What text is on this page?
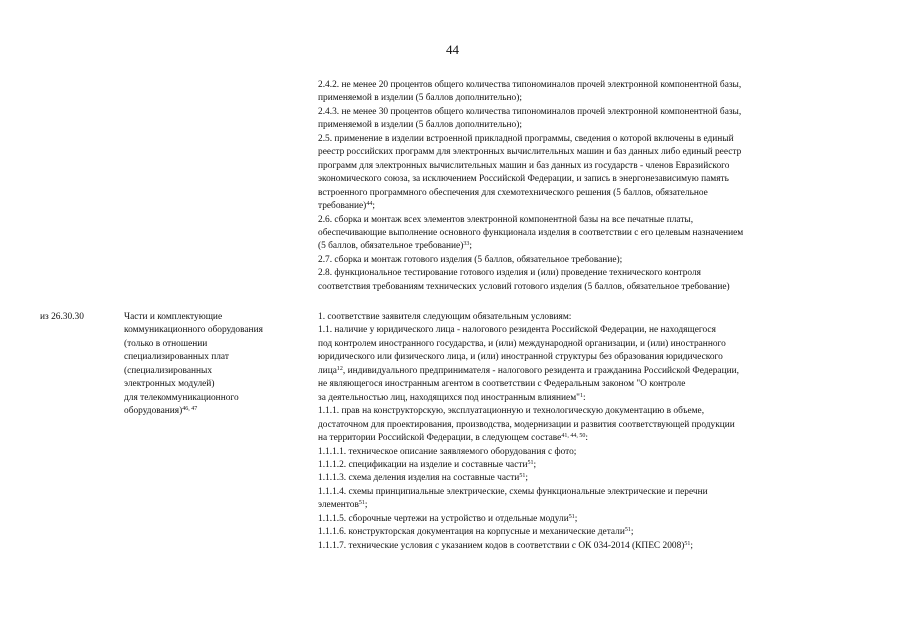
44
2.4.2. не менее 20 процентов общего количества типономиналов прочей электронной компонентной базы,
применяемой в изделии (5 баллов дополнительно);
2.4.3. не менее 30 процентов общего количества типономиналов прочей электронной компонентной базы,
применяемой в изделии (5 баллов дополнительно);
2.5. применение в изделии встроенной прикладной программы, сведения о которой включены в единый
реестр российских программ для электронных вычислительных машин и баз данных либо единый реестр
программ для электронных вычислительных машин и баз данных из государств - членов Евразийского
экономического союза, за исключением Российской Федерации, и запись в энергонезависимую память
встроенного программного обеспечения для схемотехнического решения (5 баллов, обязательное
требование)$^{44}$;
2.6. сборка и монтаж всех элементов электронной компонентной базы на все печатные платы,
обеспечивающие выполнение основного функционала изделия в соответствии с его целевым назначением
(5 баллов, обязательное требование)$^{33}$;
2.7. сборка и монтаж готового изделия (5 баллов, обязательное требование);
2.8. функциональное тестирование готового изделия и (или) проведение технического контроля
соответствия требованиям технических условий готового изделия (5 баллов, обязательное требование)
из 26.30.30	Части и комплектующие
коммуникационного оборудования
(только в отношении
специализированных плат
(специализированных
электронных модулей)
для телекоммуникационного
оборудования)$^{46, 47}$
1. соответствие заявителя следующим обязательным условиям:
1.1. наличие у юридического лица - налогового резидента Российской Федерации, не находящегося
под контролем иностранного государства, и (или) международной организации, и (или) иностранного
юридического или физического лица, и (или) иностранной структуры без образования юридического
лица$^{12}$, индивидуального предпринимателя - налогового резидента и гражданина Российской Федерации,
не являющегося иностранным агентом в соответствии с Федеральным законом "О контроле
за деятельностью лиц, находящихся под иностранным влиянием"$^1$:
1.1.1. прав на конструкторскую, эксплуатационную и технологическую документацию в объеме,
достаточном для проектирования, производства, модернизации и развития соответствующей продукции
на территории Российской Федерации, в следующем составе$^{41, 44, 50}$:
1.1.1.1. техническое описание заявляемого оборудования с фото;
1.1.1.2. спецификации на изделие и составные части$^{51}$;
1.1.1.3. схема деления изделия на составные части$^{51}$;
1.1.1.4. схемы принципиальные электрические, схемы функциональные электрические и перечни
элементов$^{51}$;
1.1.1.5. сборочные чертежи на устройство и отдельные модули$^{51}$;
1.1.1.6. конструкторская документация на корпусные и механические детали$^{51}$;
1.1.1.7. технические условия с указанием кодов в соответствии с ОК 034-2014 (КПЕС 2008)$^{51}$;
